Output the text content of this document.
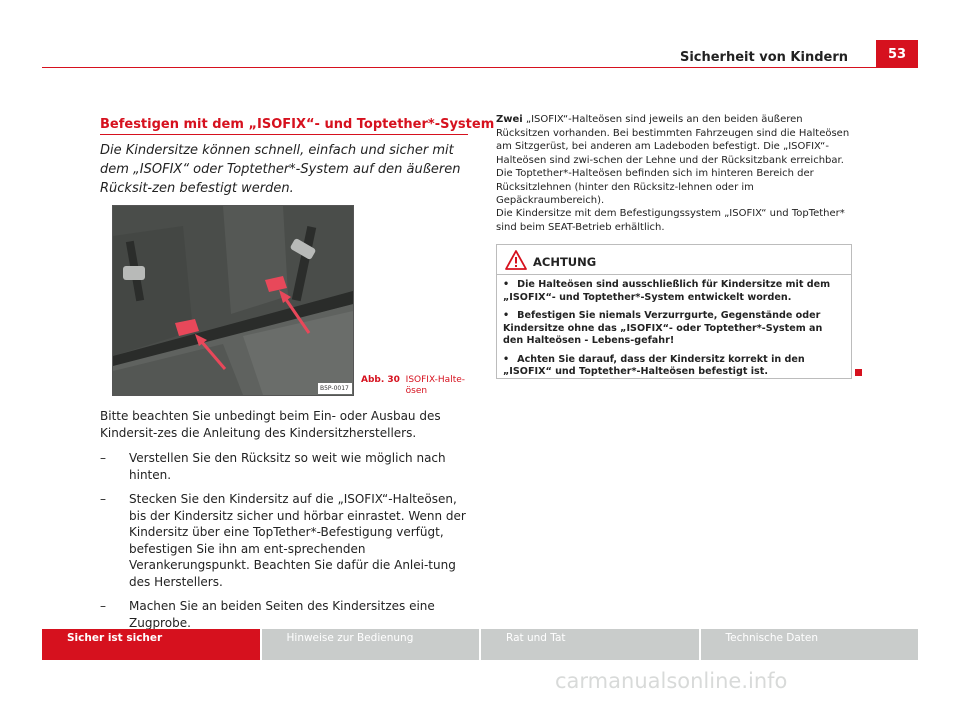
Sicherheit von Kindern	53
Befestigen mit dem „ISOFIX“- und Toptether*-System

Die Kindersitze können schnell, einfach und sicher mit dem „ISOFIX“ oder Toptether*-System auf den äußeren Rücksit-zen befestigt werden.

B5P-0017
Abb. 30 ISOFIX-Halte-ösen

Bitte beachten Sie unbedingt beim Ein- oder Ausbau des Kindersit-zes die Anleitung des Kindersitzherstellers.

– Verstellen Sie den Rücksitz so weit wie möglich nach hinten.
– Stecken Sie den Kindersitz auf die „ISOFIX“-Halteösen, bis der Kindersitz sicher und hörbar einrastet. Wenn der Kindersitz über eine TopTether*-Befestigung verfügt, befestigen Sie ihn am ent-sprechenden Verankerungspunkt. Beachten Sie dafür die Anlei-tung des Herstellers.
– Machen Sie an beiden Seiten des Kindersitzes eine Zugprobe.

Zwei „ISOFIX“-Halteösen sind jeweils an den beiden äußeren Rücksitzen vorhanden. Bei bestimmten Fahrzeugen sind die Halteösen am Sitzgerüst, bei anderen am Ladeboden befestigt. Die „ISOFIX“-Halteösen sind zwi-schen der Lehne und der Rücksitzbank erreichbar. Die Toptether*-Halteösen befinden sich im hinteren Bereich der Rücksitzlehnen (hinter den Rücksitz-lehnen oder im Gepäckraumbereich).

Die Kindersitze mit dem Befestigungssystem „ISOFIX“ und TopTether* sind beim SEAT-Betrieb erhältlich.

ACHTUNG
• Die Halteösen sind ausschließlich für Kindersitze mit dem „ISOFIX“- und Toptether*-System entwickelt worden.
• Befestigen Sie niemals Verzurrgurte, Gegenstände oder Kindersitze ohne das „ISOFIX“- oder Toptether*-System an den Halteösen - Lebens-gefahr!
• Achten Sie darauf, dass der Kindersitz korrekt in den „ISOFIX“ und Toptether*-Halteösen befestigt ist.
Sicher ist sicher	Hinweise zur Bedienung	Rat und Tat	Technische Daten
carmanualsonline.info
